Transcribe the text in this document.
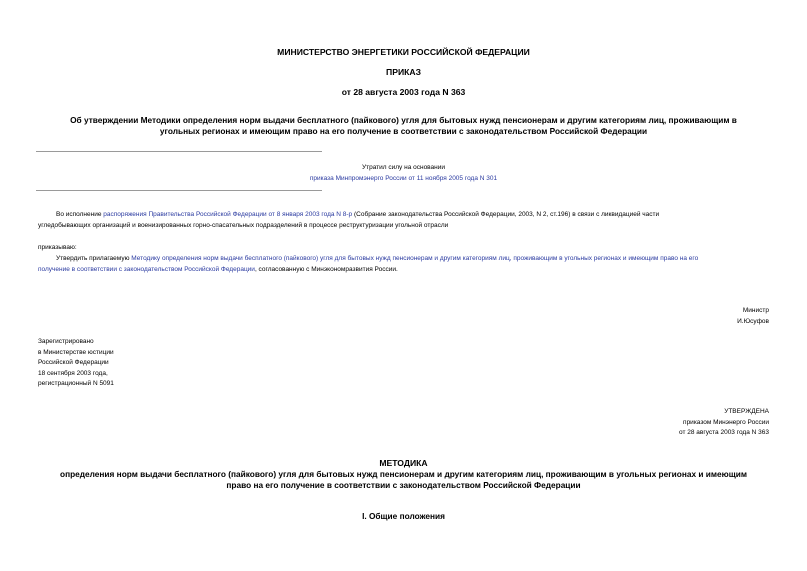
МИНИСТЕРСТВО ЭНЕРГЕТИКИ РОССИЙСКОЙ ФЕДЕРАЦИИ
ПРИКАЗ
от 28 августа 2003 года N 363
Об утверждении Методики определения норм выдачи бесплатного (пайкового) угля для бытовых нужд пенсионерам и другим категориям лиц, проживающим в
угольных регионах и имеющим право на его получение в соответствии с законодательством Российской Федерации
Утратил силу на основании
приказа Минпромэнерго России от 11 ноября 2005 года N 301
Во исполнение распоряжения Правительства Российской Федерации от 8 января 2003 года N 8-р (Собрание законодательства Российской Федерации, 2003, N 2, ст.196) в связи с ликвидацией части
угледобывающих организаций и военизированных горно-спасательных подразделений в процессе реструктуризации угольной отрасли
приказываю:
Утвердить прилагаемую Методику определения норм выдачи бесплатного (пайкового) угля для бытовых нужд пенсионерам и другим категориям лиц, проживающим в угольных регионах и имеющим право на его
получение в соответствии с законодательством Российской Федерации, согласованную с Минэкономразвития России.
Министр
И.Юсуфов
Зарегистрировано
в Министерстве юстиции
Российской Федерации
18 сентября 2003 года,
регистрационный N 5091
УТВЕРЖДЕНА
приказом Минэнерго России
от 28 августа 2003 года N 363
МЕТОДИКА
определения норм выдачи бесплатного (пайкового) угля для бытовых нужд пенсионерам и другим категориям лиц, проживающим в угольных регионах и имеющим
право на его получение в соответствии с законодательством Российской Федерации
I. Общие положения
